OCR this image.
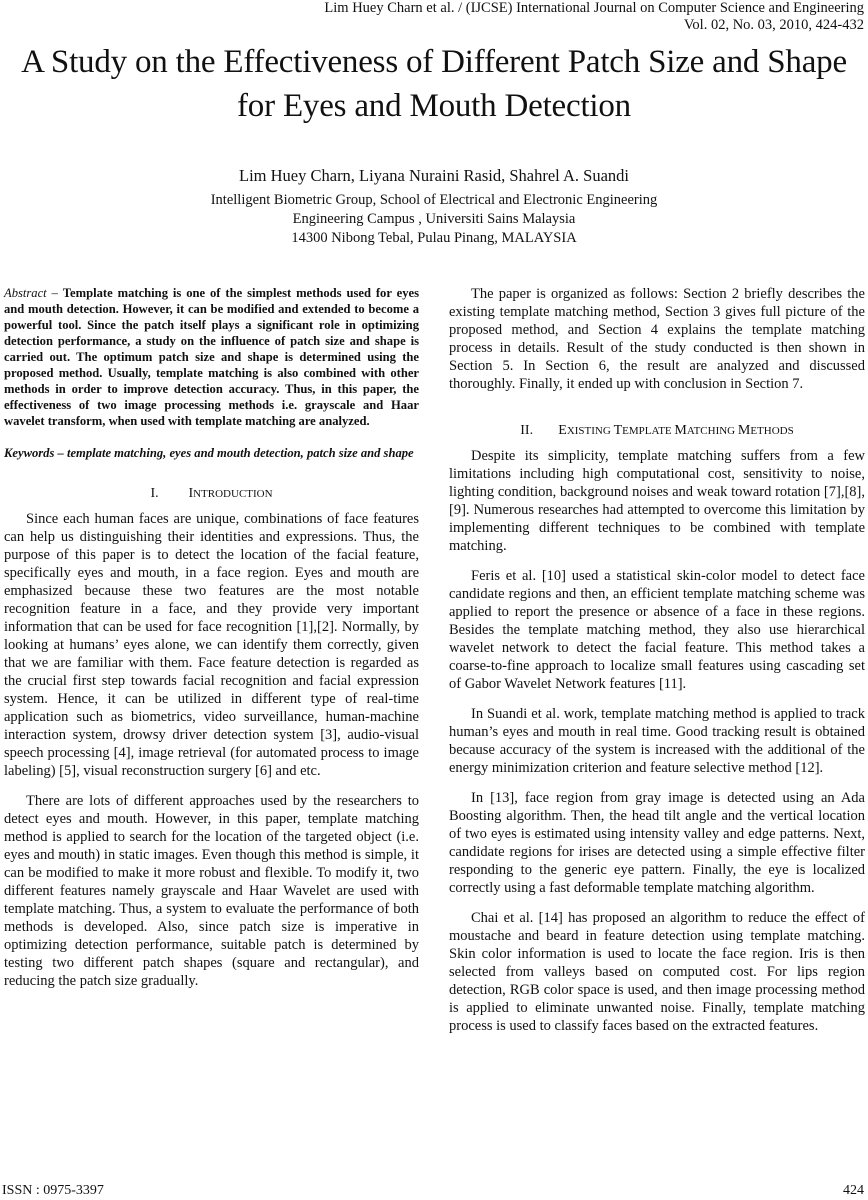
Lim Huey Charn et al. / (IJCSE) International Journal on Computer Science and Engineering
Vol. 02, No. 03, 2010, 424-432
A Study on the Effectiveness of Different Patch Size and Shape for Eyes and Mouth Detection
Lim Huey Charn, Liyana Nuraini Rasid, Shahrel A. Suandi
Intelligent Biometric Group, School of Electrical and Electronic Engineering
Engineering Campus , Universiti Sains Malaysia
14300 Nibong Tebal, Pulau Pinang, MALAYSIA

Abstract – Template matching is one of the simplest methods used for eyes and mouth detection. However, it can be modified and extended to become a powerful tool. Since the patch itself plays a significant role in optimizing detection performance, a study on the influence of patch size and shape is carried out. The optimum patch size and shape is determined using the proposed method. Usually, template matching is also combined with other methods in order to improve detection accuracy. Thus, in this paper, the effectiveness of two image processing methods i.e. grayscale and Haar wavelet transform, when used with template matching are analyzed.

Keywords – template matching, eyes and mouth detection, patch size and shape

I. INTRODUCTION

Since each human faces are unique, combinations of face features can help us distinguishing their identities and expressions. Thus, the purpose of this paper is to detect the location of the facial feature, specifically eyes and mouth, in a face region. Eyes and mouth are emphasized because these two features are the most notable recognition feature in a face, and they provide very important information that can be used for face recognition [1],[2]. Normally, by looking at humans’ eyes alone, we can identify them correctly, given that we are familiar with them. Face feature detection is regarded as the crucial first step towards facial recognition and facial expression system. Hence, it can be utilized in different type of real-time application such as biometrics, video surveillance, human-machine interaction system, drowsy driver detection system [3], audio-visual speech processing [4], image retrieval (for automated process to image labeling) [5], visual reconstruction surgery [6] and etc.

There are lots of different approaches used by the researchers to detect eyes and mouth. However, in this paper, template matching method is applied to search for the location of the targeted object (i.e. eyes and mouth) in static images. Even though this method is simple, it can be modified to make it more robust and flexible. To modify it, two different features namely grayscale and Haar Wavelet are used with template matching. Thus, a system to evaluate the performance of both methods is developed. Also, since patch size is imperative in optimizing detection performance, suitable patch is determined by testing two different patch shapes (square and rectangular), and reducing the patch size gradually.

The paper is organized as follows: Section 2 briefly describes the existing template matching method, Section 3 gives full picture of the proposed method, and Section 4 explains the template matching process in details. Result of the study conducted is then shown in Section 5. In Section 6, the result are analyzed and discussed thoroughly. Finally, it ended up with conclusion in Section 7.

II. EXISTING TEMPLATE MATCHING METHODS

Despite its simplicity, template matching suffers from a few limitations including high computational cost, sensitivity to noise, lighting condition, background noises and weak toward rotation [7],[8],[9]. Numerous researches had attempted to overcome this limitation by implementing different techniques to be combined with template matching.

Feris et al. [10] used a statistical skin-color model to detect face candidate regions and then, an efficient template matching scheme was applied to report the presence or absence of a face in these regions. Besides the template matching method, they also use hierarchical wavelet network to detect the facial feature. This method takes a coarse-to-fine approach to localize small features using cascading set of Gabor Wavelet Network features [11].

In Suandi et al. work, template matching method is applied to track human’s eyes and mouth in real time. Good tracking result is obtained because accuracy of the system is increased with the additional of the energy minimization criterion and feature selective method [12].

In [13], face region from gray image is detected using an Ada Boosting algorithm. Then, the head tilt angle and the vertical location of two eyes is estimated using intensity valley and edge patterns. Next, candidate regions for irises are detected using a simple effective filter responding to the generic eye pattern. Finally, the eye is localized correctly using a fast deformable template matching algorithm.

Chai et al. [14] has proposed an algorithm to reduce the effect of moustache and beard in feature detection using template matching. Skin color information is used to locate the face region. Iris is then selected from valleys based on computed cost. For lips region detection, RGB color space is used, and then image processing method is applied to eliminate unwanted noise. Finally, template matching process is used to classify faces based on the extracted features.

ISSN : 0975-3397	424
